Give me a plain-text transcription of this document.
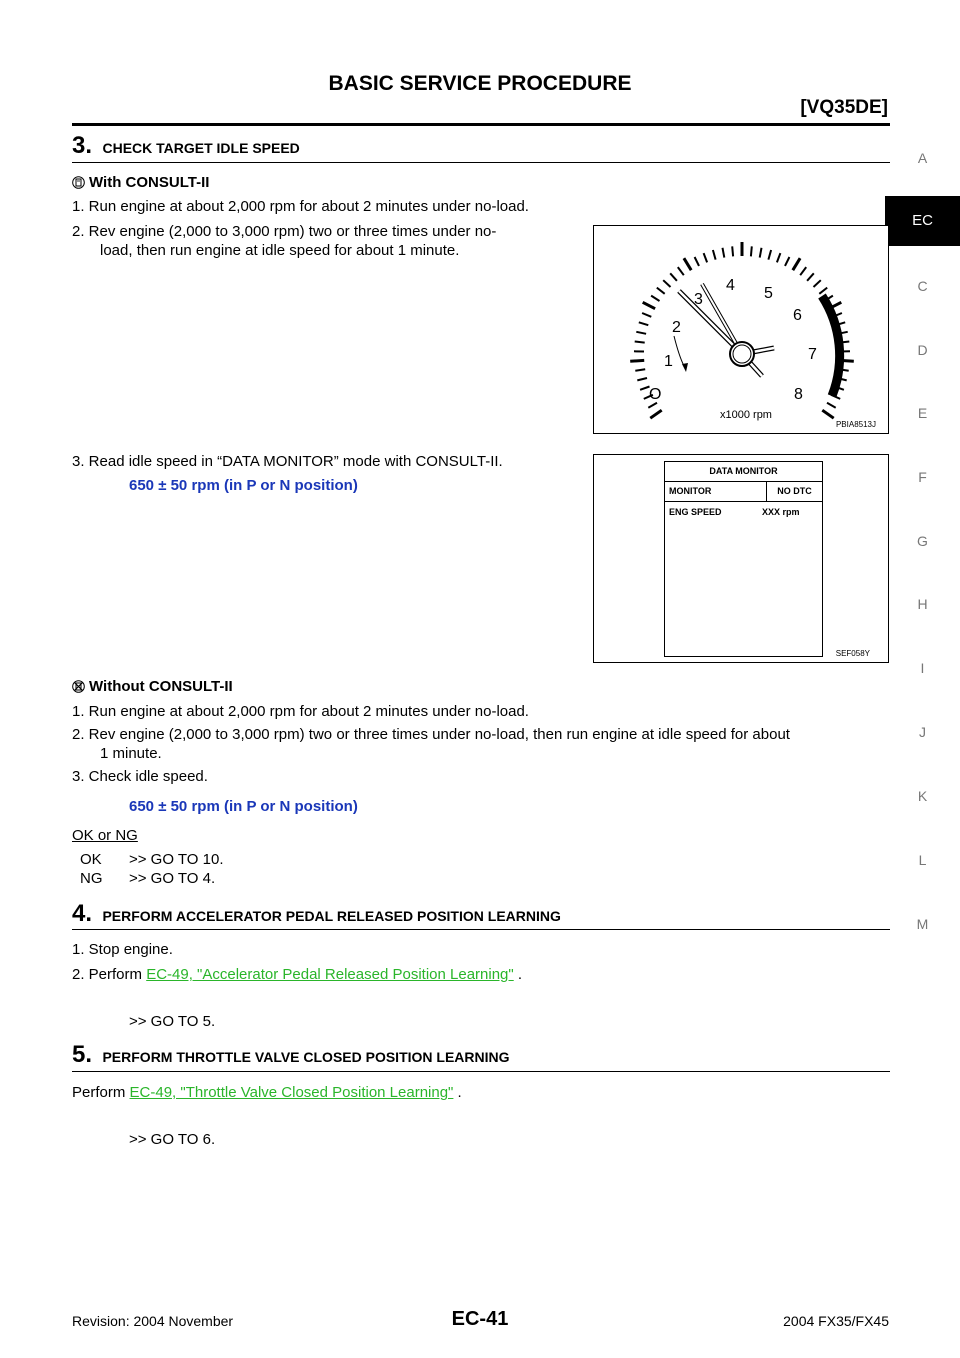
BASIC SERVICE PROCEDURE
[VQ35DE]
A
C
D
E
F
G
H
I
J
K
L
M
EC
3. CHECK TARGET IDLE SPEED
With CONSULT-II
1. Run engine at about 2,000 rpm for about 2 minutes under no-load.
2. Rev engine (2,000 to 3,000 rpm) two or three times under no-
load, then run engine at idle speed for about 1 minute.
O
1
2
3
4 5
6
7
8
x1000 rpm
PBIA8513J
3. Read idle speed in “DATA MONITOR” mode with CONSULT-II.
650 ± 50 rpm (in P or N position)
DATA MONITOR
MONITOR	NO DTC
ENG SPEED	XXX rpm
SEF058Y
Without CONSULT-II
1. Run engine at about 2,000 rpm for about 2 minutes under no-load.
2. Rev engine (2,000 to 3,000 rpm) two or three times under no-load, then run engine at idle speed for about
1 minute.
3. Check idle speed.
650 ± 50 rpm (in P or N position)
OK or NG
OK >> GO TO 10.
NG >> GO TO 4.
4. PERFORM ACCELERATOR PEDAL RELEASED POSITION LEARNING
1. Stop engine.
2. Perform EC-49, "Accelerator Pedal Released Position Learning" .
>> GO TO 5.
5. PERFORM THROTTLE VALVE CLOSED POSITION LEARNING
Perform EC-49, "Throttle Valve Closed Position Learning" .
>> GO TO 6.
Revision: 2004 November	EC-41	2004 FX35/FX45
